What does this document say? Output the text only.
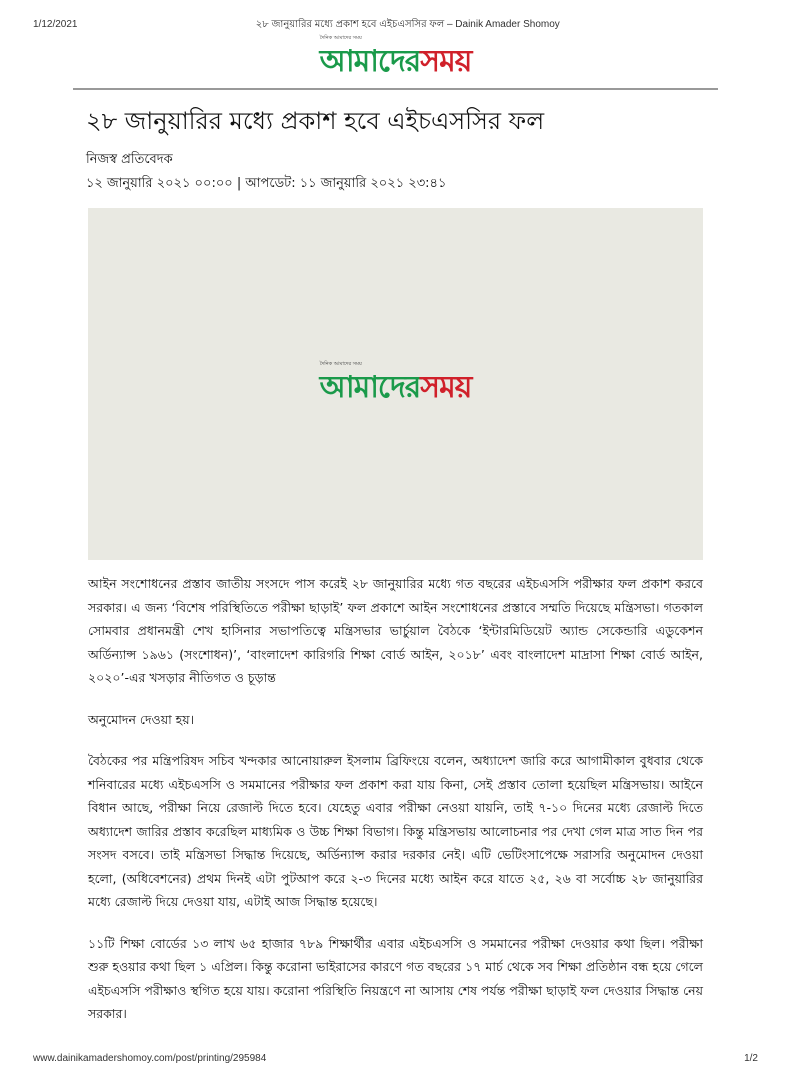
1/12/2021	২৮ জানুয়ারির মধ্যে প্রকাশ হবে এইচএসসির ফল – Dainik Amader Shomoy
দৈনিক আমাদের সময়
আমাদেরসময়
২৮ জানুয়ারির মধ্যে প্রকাশ হবে এইচএসসির ফল
নিজস্ব প্রতিবেদক
১২ জানুয়ারি ২০২১ ০০:০০ | আপডেট: ১১ জানুয়ারি ২০২১ ২৩:৪১
দৈনিক আমাদের সময়
আমাদেরসময়

আইন সংশোধনের প্রস্তাব জাতীয় সংসদে পাস করেই ২৮ জানুয়ারির মধ্যে গত বছরের এইচএসসি পরীক্ষার ফল প্রকাশ করবে সরকার। এ জন্য ‘বিশেষ পরিস্থিতিতে পরীক্ষা ছাড়াই’ ফল প্রকাশে আইন সংশোধনের প্রস্তাবে সম্মতি দিয়েছে মন্ত্রিসভা। গতকাল সোমবার প্রধানমন্ত্রী শেখ হাসিনার সভাপতিত্বে মন্ত্রিসভার ভার্চুয়াল বৈঠকে ‘ইন্টারমিডিয়েট অ্যান্ড সেকেন্ডারি এডুকেশন অর্ডিন্যান্স ১৯৬১ (সংশোধন)’, ‘বাংলাদেশ কারিগরি শিক্ষা বোর্ড আইন, ২০১৮’ এবং বাংলাদেশ মাদ্রাসা শিক্ষা বোর্ড আইন, ২০২০’-এর খসড়ার নীতিগত ও চূড়ান্ত

অনুমোদন দেওয়া হয়।

বৈঠকের পর মন্ত্রিপরিষদ সচিব খন্দকার আনোয়ারুল ইসলাম ব্রিফিংয়ে বলেন, অধ্যাদেশ জারি করে আগামীকাল বুধবার থেকে শনিবারের মধ্যে এইচএসসি ও সমমানের পরীক্ষার ফল প্রকাশ করা যায় কিনা, সেই প্রস্তাব তোলা হয়েছিল মন্ত্রিসভায়। আইনে বিধান আছে, পরীক্ষা নিয়ে রেজাল্ট দিতে হবে। যেহেতু এবার পরীক্ষা নেওয়া যায়নি, তাই ৭-১০ দিনের মধ্যে রেজাল্ট দিতে অধ্যাদেশ জারির প্রস্তাব করেছিল মাধ্যমিক ও উচ্চ শিক্ষা বিভাগ। কিন্তু মন্ত্রিসভায় আলোচনার পর দেখা গেল মাত্র সাত দিন পর সংসদ বসবে। তাই মন্ত্রিসভা সিদ্ধান্ত দিয়েছে, অর্ডিন্যান্স করার দরকার নেই। এটি ভেটিংসাপেক্ষে সরাসরি অনুমোদন দেওয়া হলো, (অধিবেশনের) প্রথম দিনই এটা পুটআপ করে ২-৩ দিনের মধ্যে আইন করে যাতে ২৫, ২৬ বা সর্বোচ্চ ২৮ জানুয়ারির মধ্যে রেজাল্ট দিয়ে দেওয়া যায়, এটাই আজ সিদ্ধান্ত হয়েছে।

১১টি শিক্ষা বোর্ডের ১৩ লাখ ৬৫ হাজার ৭৮৯ শিক্ষার্থীর এবার এইচএসসি ও সমমানের পরীক্ষা দেওয়ার কথা ছিল। পরীক্ষা শুরু হওয়ার কথা ছিল ১ এপ্রিল। কিন্তু করোনা ভাইরাসের কারণে গত বছরের ১৭ মার্চ থেকে সব শিক্ষা প্রতিষ্ঠান বন্ধ হয়ে গেলে এইচএসসি পরীক্ষাও স্থগিত হয়ে যায়। করোনা পরিস্থিতি নিয়ন্ত্রণে না আসায় শেষ পর্যন্ত পরীক্ষা ছাড়াই ফল দেওয়ার সিদ্ধান্ত নেয় সরকার।

www.dainikamadershomoy.com/post/printing/295984	1/2
